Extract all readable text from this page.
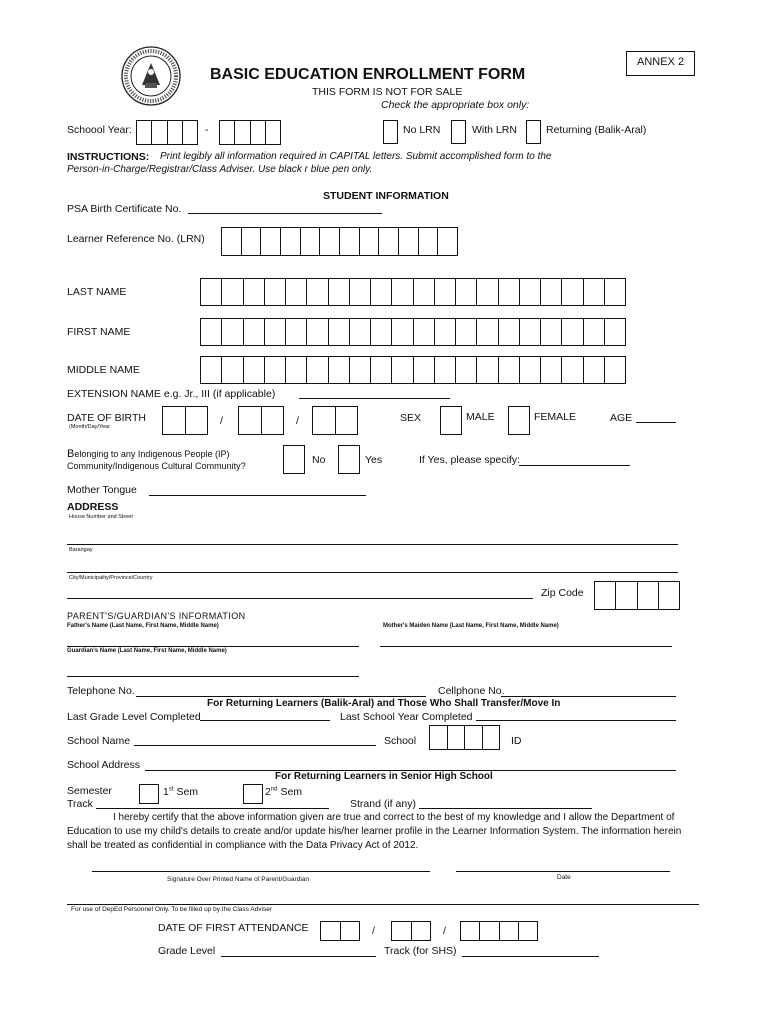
ANNEX 2
BASIC EDUCATION ENROLLMENT FORM
THIS FORM IS NOT FOR SALE
Check the appropriate box only:
Schoool Year:	-	No LRN	With LRN	Returning (Balik-Aral)
INSTRUCTIONS: Print legibly all information required in CAPITAL letters. Submit accomplished form to the
Person-in-Charge/Registrar/Class Adviser. Use black r blue pen only.
STUDENT INFORMATION
PSA Birth Certificate No.
Learner Reference No. (LRN)
LAST NAME
FIRST NAME
MIDDLE NAME
EXTENSION NAME e.g. Jr., III (if applicable)
DATE OF BIRTH
(Month/Day/Year	/	/	SEX	MALE	FEMALE	AGE
Belonging to any Indigenous People (IP)
Community/Indigenous Cultural Community?	No	Yes	If Yes, please specify:
Mother Tongue
ADDRESS
House Number and Street
Barangay
City/Municipality/Province/Country
Zip Code
PARENT'S/GUARDIAN'S INFORMATION
Father's Name (Last Name, First Name, Middle Name)	Mother's Maiden Name (Last Name, First Name, Middle Name)
Guardian's Name (Last Name, First Name, Middle Name)
Telephone No.	Cellphone No.
For Returning Learners (Balik-Aral) and Those Who Shall Transfer/Move In
Last Grade Level Completed	Last School Year Completed
School Name	School	ID
School Address
For Returning Learners in Senior High School
Semester	1st Sem	2nd Sem
Track	Strand (if any)
I hereby certify that the above information given are true and correct to the best of my knowledge and I allow the Department of
Education to use my child's details to create and/or update his/her learner profile in the Learner Information System. The information herein
shall be treated as confidential in compliance with the Data Privacy Act of 2012.
Signature Over Printed Name of Parent/Guardian	Date
For use of DepEd Personnel Only. To be filled up by the Class Adviser
DATE OF FIRST ATTENDANCE	/	/
Grade Level	Track (for SHS)
